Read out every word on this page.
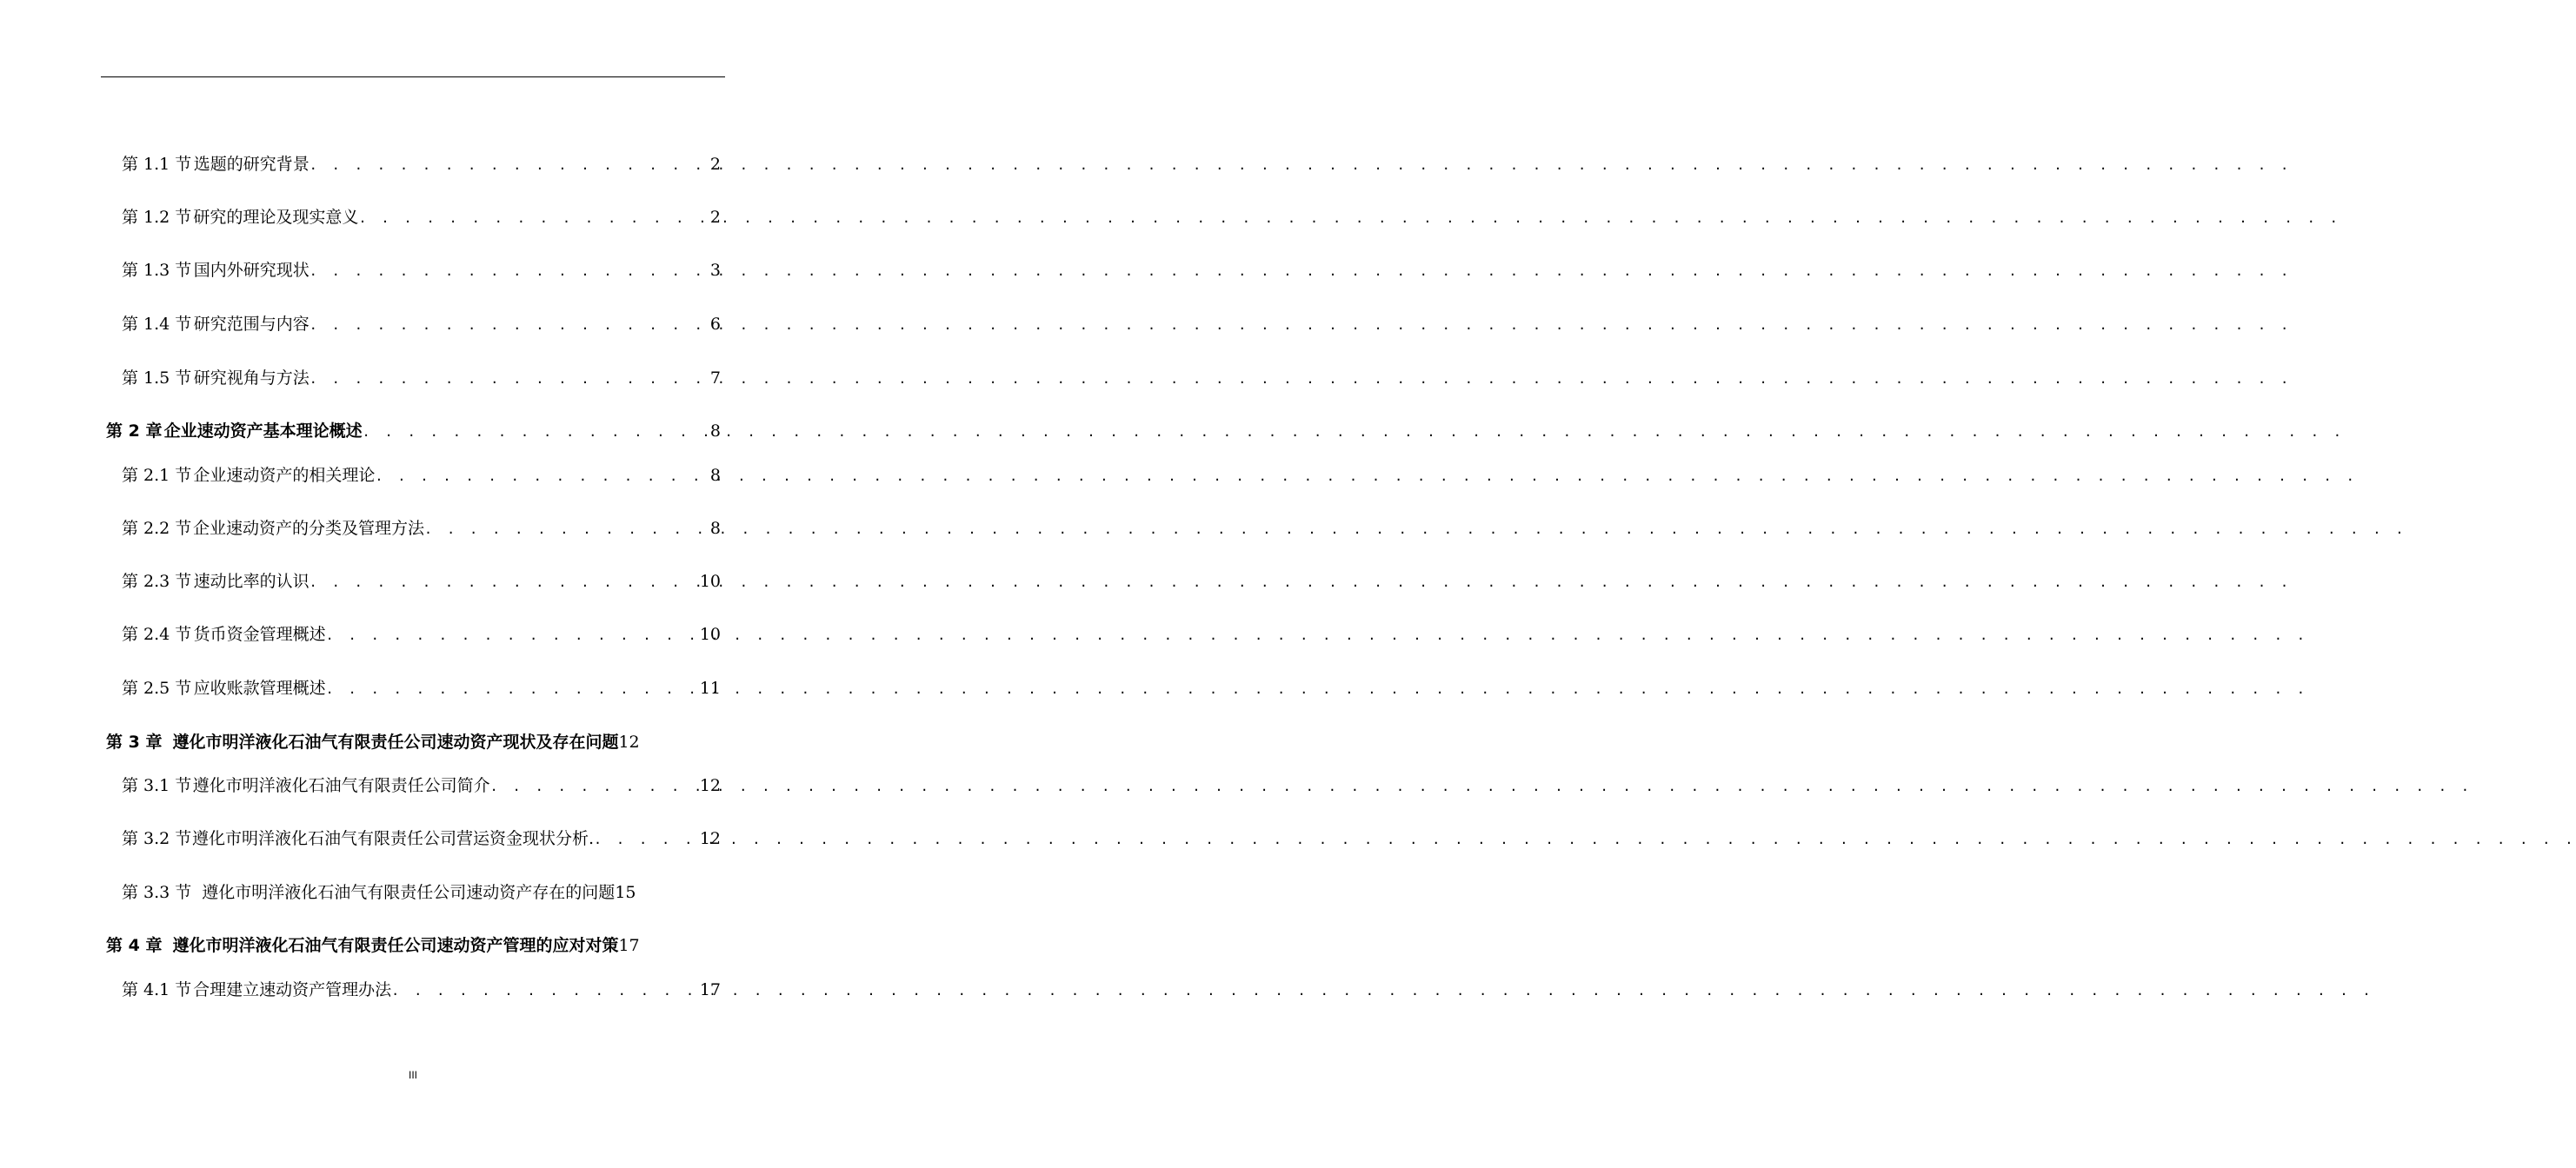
第 1.1 节 选题的研究背景 . . .	2
第 1.2 节 研究的理论及现实意义 . . .	2
第 1.3 节 国内外研究现状 . . .	3
第 1.4 节 研究范围与内容 . . .	6
第 1.5 节 研究视角与方法 . . .	7
第 2 章 企业速动资产基本理论概述 . . .	8
第 2.1 节 企业速动资产的相关理论 . . .	8
第 2.2 节 企业速动资产的分类及管理方法 . . .	8
第 2.3 节 速动比率的认识 . . .	10
第 2.4 节 货币资金管理概述 . . .	10
第 2.5 节 应收账款管理概述 . . .	11
第 3 章 遵化市明洋液化石油气有限责任公司速动资产现状及存在问题 12
第 3.1 节 遵化市明洋液化石油气有限责任公司简介 . . .	12
第 3.2 节 遵化市明洋液化石油气有限责任公司营运资金现状分析. . . .	12
第 3.3 节 遵化市明洋液化石油气有限责任公司速动资产存在的问题 15
第 4 章 遵化市明洋液化石油气有限责任公司速动资产管理的应对对策 17
第 4.1 节 合理建立速动资产管理办法 . . .	17
III
